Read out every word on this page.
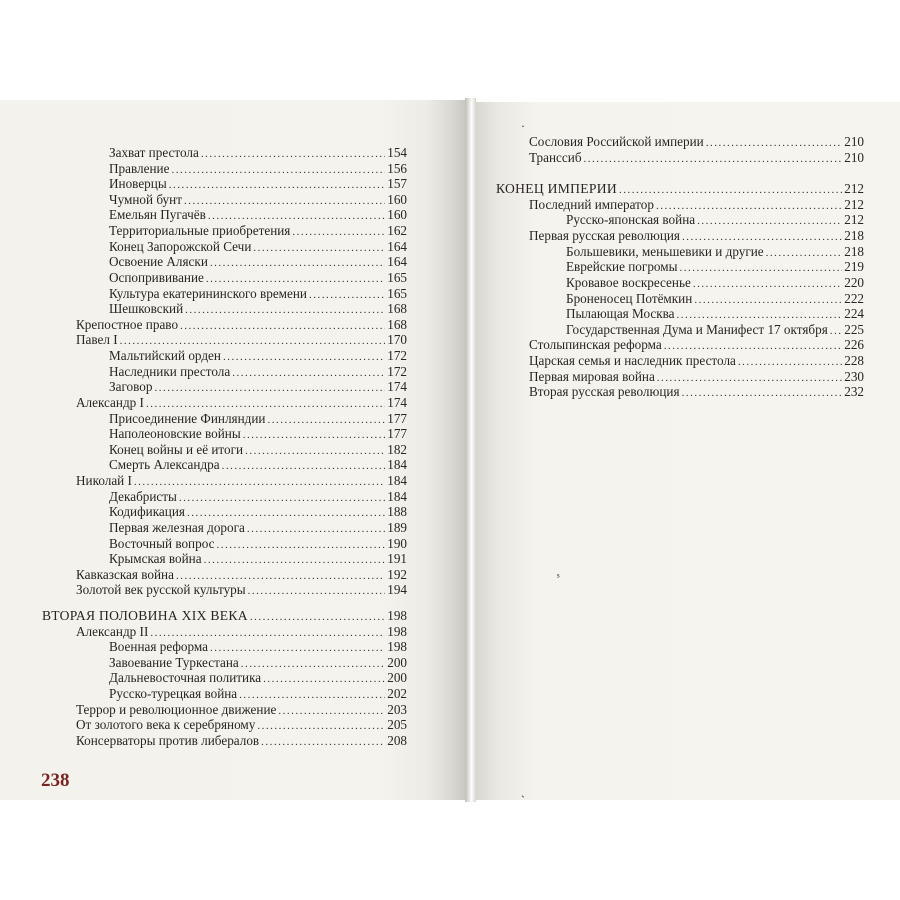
Захват престола .....	154
Правление .....	156
Иноверцы .....	157
Чумной бунт .....	160
Емельян Пугачёв .....	160
Территориальные приобретения .....	162
Конец Запорожской Сечи .....	164
Освоение Аляски .....	164
Оспопрививание .....	165
Культура екатерининского времени .....	165
Шешковский .....	168
Крепостное право .....	168
Павел I .....	170
Мальтийский орден .....	172
Наследники престола .....	172
Заговор .....	174
Александр I .....	174
Присоединение Финляндии .....	177
Наполеоновские войны .....	177
Конец войны и её итоги .....	182
Смерть Александра .....	184
Николай I .....	184
Декабристы .....	184
Кодификация .....	188
Первая железная дорога .....	189
Восточный вопрос .....	190
Крымская война .....	191
Кавказская война .....	192
Золотой век русской культуры .....	194
ВТОРАЯ ПОЛОВИНА XIX ВЕКА .....	198
Александр II .....	198
Военная реформа .....	198
Завоевание Туркестана .....	200
Дальневосточная политика .....	200
Русско-турецкая война .....	202
Террор и революционное движение .....	203
От золотого века к серебряному .....	205
Консерваторы против либералов .....	208
Сословия Российской империи .....	210
Транссиб .....	210
КОНЕЦ ИМПЕРИИ .....	212
Последний император .....	212
Русско-японская война .....	212
Первая русская революция .....	218
Большевики, меньшевики и другие .....	218
Еврейские погромы .....	219
Кровавое воскресенье .....	220
Броненосец Потёмкин .....	222
Пылающая Москва .....	224
Государственная Дума и Манифест 17 октября ..... 225
Столыпинская реформа .....	226
Царская семья и наследник престола .....	228
Первая мировая война .....	230
Вторая русская революция .....	232
238
ˢ
ˏ
·
